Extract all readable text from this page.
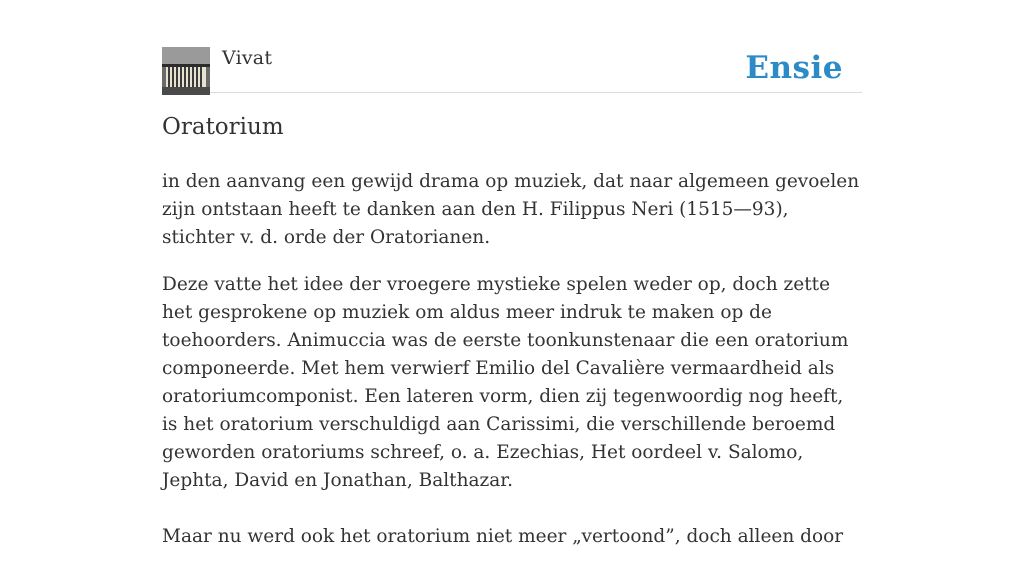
Vivat	Ensie
Oratorium

in den aanvang een gewijd drama op muziek, dat naar algemeen gevoelen zijn ontstaan heeft te danken aan den H. Filippus Neri (1515—93), stichter v. d. orde der Oratorianen.

Deze vatte het idee der vroegere mystieke spelen weder op, doch zette het gesprokene op muziek om aldus meer indruk te maken op de toehoorders. Animuccia was de eerste toonkunstenaar die een oratorium componeerde. Met hem verwierf Emilio del Cavalière vermaardheid als oratoriumcomponist. Een lateren vorm, dien zij tegenwoordig nog heeft, is het oratorium verschuldigd aan Carissimi, die verschillende beroemd geworden oratoriums schreef, o. a. Ezechias, Het oordeel v. Salomo, Jephta, David en Jonathan, Balthazar.

Maar nu werd ook het oratorium niet meer „vertoond”, doch alleen door
